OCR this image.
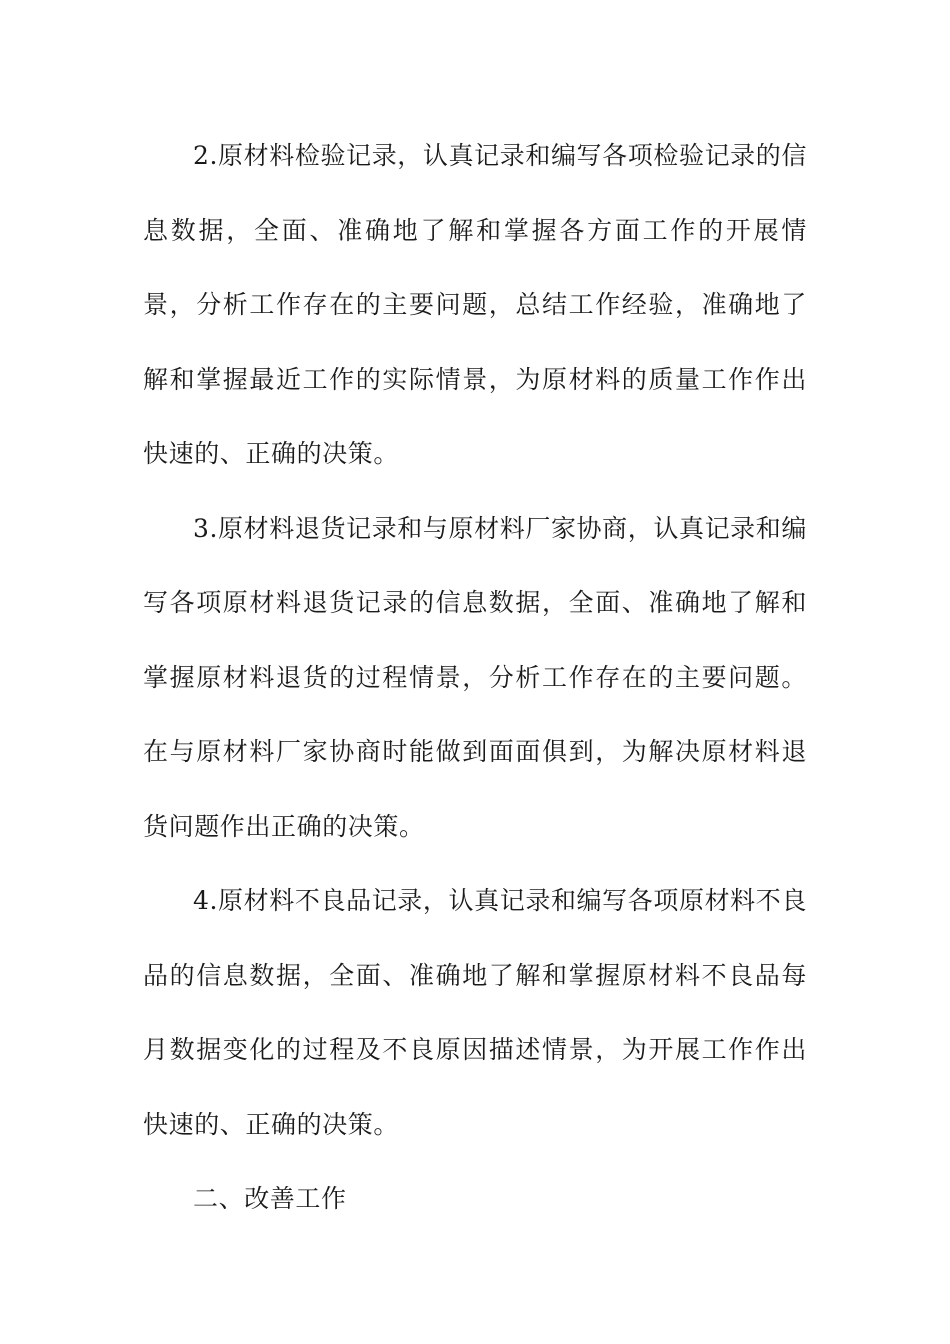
2.原材料检验记录，认真记录和编写各项检验记录的信息数据，全面、准确地了解和掌握各方面工作的开展情景，分析工作存在的主要问题，总结工作经验，准确地了解和掌握最近工作的实际情景，为原材料的质量工作作出快速的、正确的决策。

3.原材料退货记录和与原材料厂家协商，认真记录和编写各项原材料退货记录的信息数据，全面、准确地了解和掌握原材料退货的过程情景，分析工作存在的主要问题。在与原材料厂家协商时能做到面面俱到，为解决原材料退货问题作出正确的决策。

4.原材料不良品记录，认真记录和编写各项原材料不良品的信息数据，全面、准确地了解和掌握原材料不良品每月数据变化的过程及不良原因描述情景，为开展工作作出快速的、正确的决策。

二、改善工作
